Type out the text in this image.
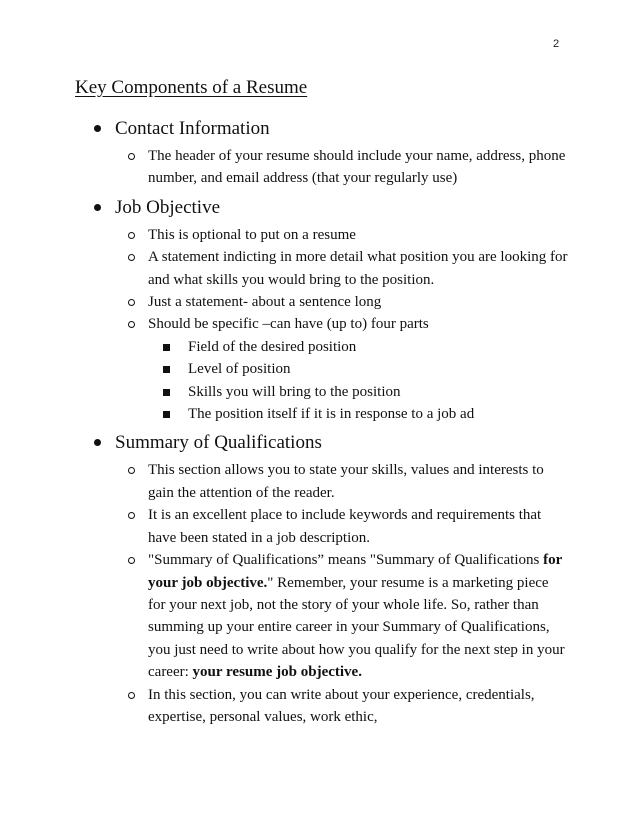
2
Key Components of a Resume
Contact Information
The header of your resume should include your name, address, phone number, and email address (that your regularly use)
Job Objective
This is optional to put on a resume
A statement indicting in more detail what position you are looking for and what skills you would bring to the position.
Just a statement- about a sentence long
Should be specific –can have (up to) four parts
Field of the desired position
Level of position
Skills you will bring to the position
The position itself if it is in response to a job ad
Summary of Qualifications
This section allows you to state your skills, values and interests to gain the attention of the reader.
It is an excellent place to include keywords and requirements that have been stated in a job description.
"Summary of Qualifications” means "Summary of Qualifications for your job objective." Remember, your resume is a marketing piece for your next job, not the story of your whole life. So, rather than summing up your entire career in your Summary of Qualifications, you just need to write about how you qualify for the next step in your career: your resume job objective.
In this section, you can write about your experience, credentials, expertise, personal values, work ethic,
